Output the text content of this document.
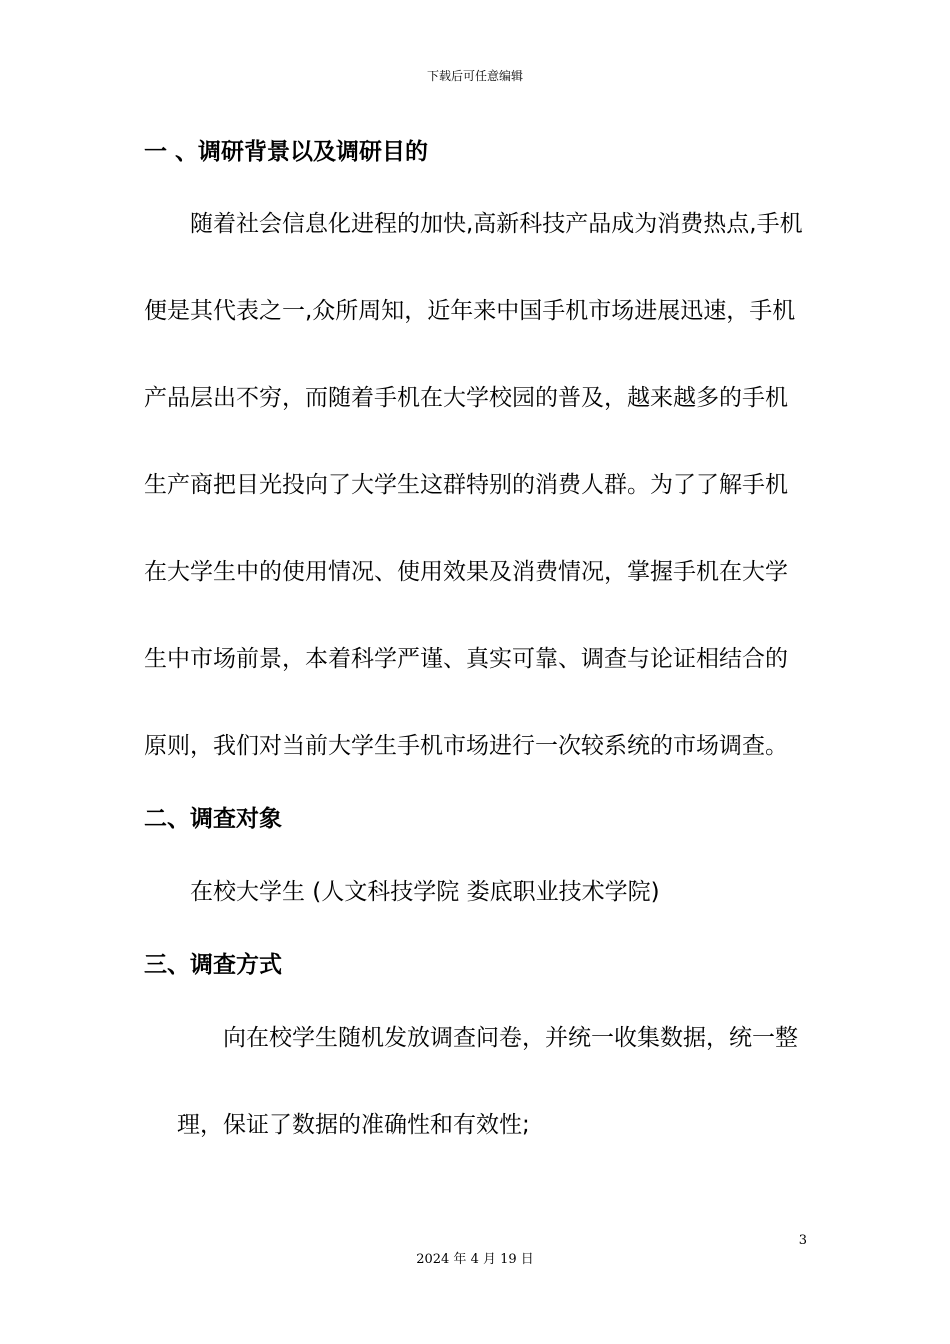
下载后可任意编辑
一 、调研背景以及调研目的
随着社会信息化进程的加快,高新科技产品成为消费热点,手机
便是其代表之一,众所周知，近年来中国手机市场进展迅速，手机
产品层出不穷，而随着手机在大学校园的普及，越来越多的手机
生产商把目光投向了大学生这群特别的消费人群。为了了解手机
在大学生中的使用情况、使用效果及消费情况，掌握手机在大学
生中市场前景，本着科学严谨、真实可靠、调查与论证相结合的
原则，我们对当前大学生手机市场进行一次较系统的市场调查。
二、调查对象
在校大学生 (人文科技学院 娄底职业技术学院)
三、调查方式
向在校学生随机发放调查问卷，并统一收集数据，统一整
理，保证了数据的准确性和有效性;
3
2024 年 4 月 19 日
